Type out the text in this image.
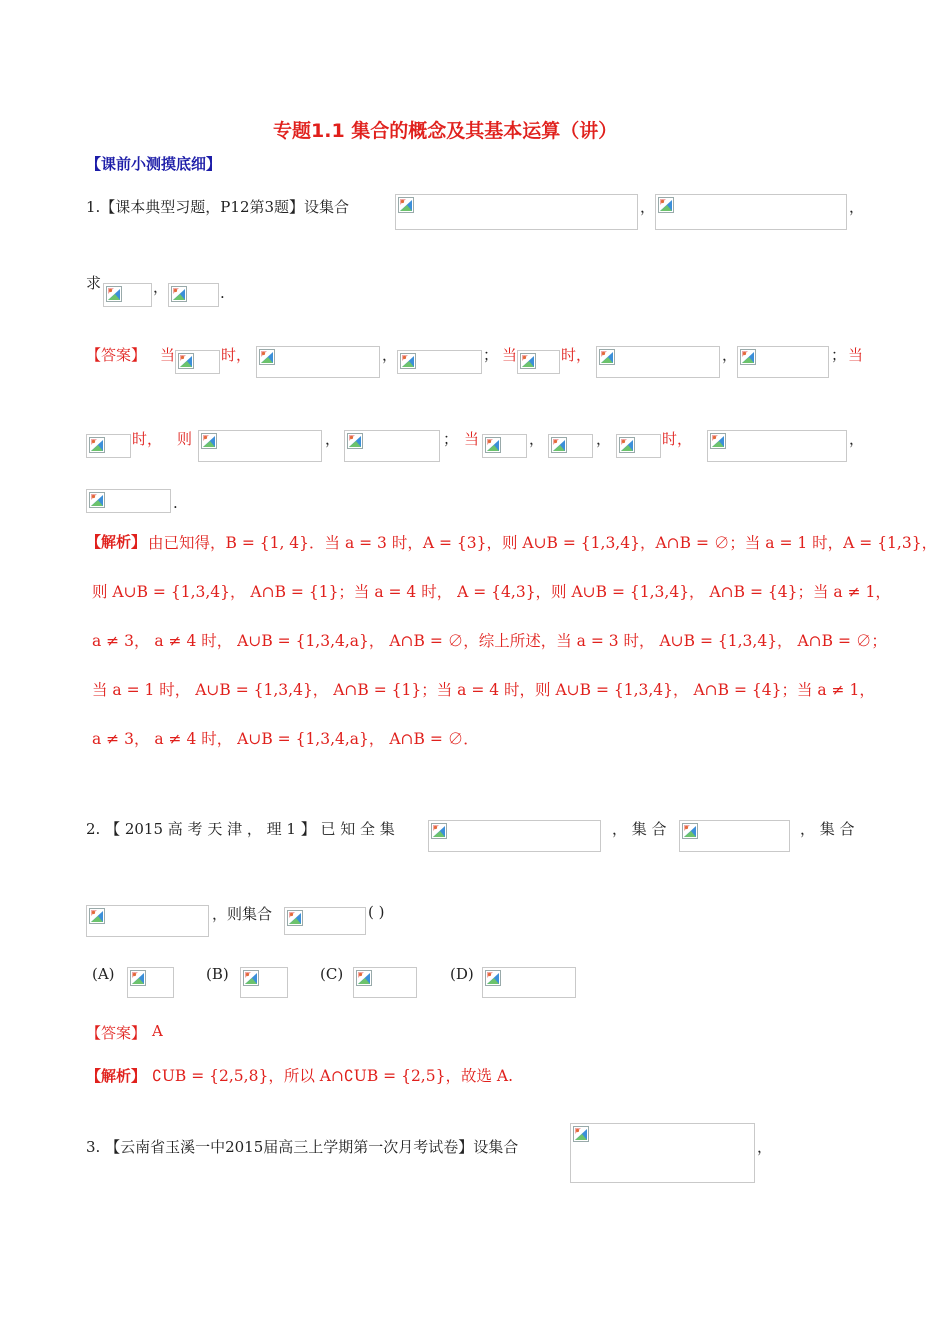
专题1.1 集合的概念及其基本运算（讲）
【课前小测摸底细】
1.【课本典型习题，P12第3题】设集合	，	，
求	，	.
【答案】 当	时，	，	； 当	时，	，	； 当
时， 则	，	； 当	，	，	时，	，
.
【解析】 由已知得，B = {1, 4}．当 a = 3 时，A = {3}，则 A∪B = {1,3,4}，A∩B = ∅；当 a = 1 时，A = {1,3}，
则 A∪B = {1,3,4}， A∩B = {1}；当 a = 4 时， A = {4,3}，则 A∪B = {1,3,4}， A∩B = {4}；当 a ≠ 1，
a ≠ 3， a ≠ 4 时， A∪B = {1,3,4,a}， A∩B = ∅，综上所述，当 a = 3 时， A∪B = {1,3,4}， A∩B = ∅；
当 a = 1 时， A∪B = {1,3,4}， A∩B = {1}；当 a = 4 时，则 A∪B = {1,3,4}， A∩B = {4}；当 a ≠ 1，
a ≠ 3， a ≠ 4 时， A∪B = {1,3,4,a}， A∩B = ∅．
2. 【 2015 高 考 天 津 ， 理 1 】 已 知 全 集	， 集 合	， 集 合
，则集合	( )
(A)	(B)	(C)	(D)
【答案】 A
【解析】 ∁UB = {2,5,8}，所以 A∩∁UB = {2,5}，故选 A.
3. 【云南省玉溪一中2015届高三上学期第一次月考试卷】设集合	，
